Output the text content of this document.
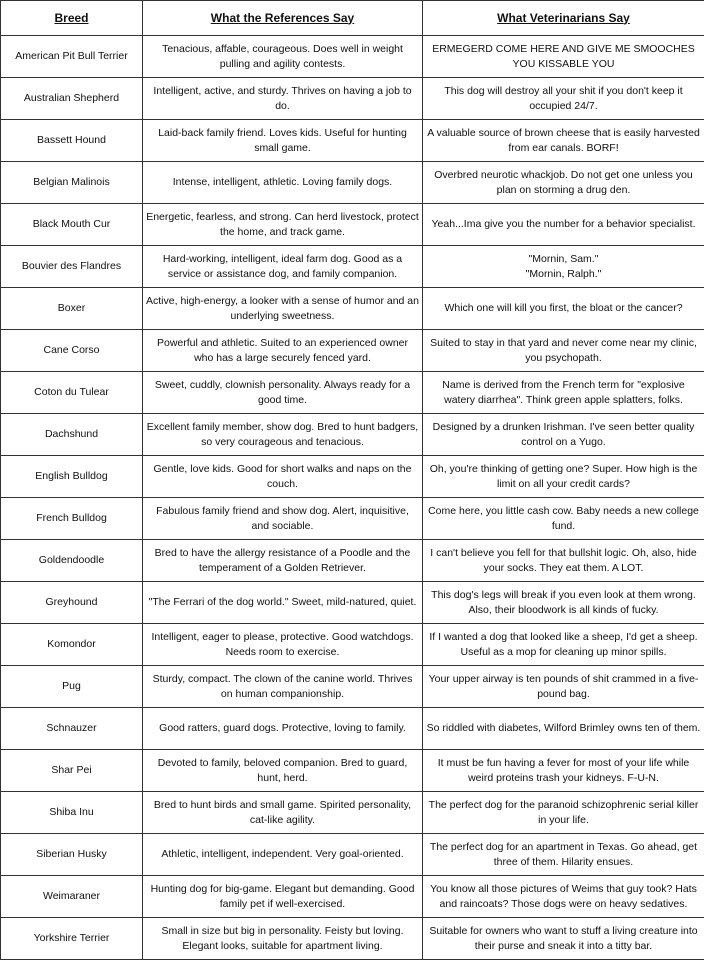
Breed	What the References Say	What Veterinarians Say
American Pit Bull Terrier	Tenacious, affable, courageous. Does well in weight pulling and agility contests.	ERMEGERD COME HERE AND GIVE ME SMOOCHES YOU KISSABLE YOU
Australian Shepherd	Intelligent, active, and sturdy. Thrives on having a job to do.	This dog will destroy all your shit if you don't keep it occupied 24/7.
Bassett Hound	Laid-back family friend. Loves kids. Useful for hunting small game.	A valuable source of brown cheese that is easily harvested from ear canals. BORF!
Belgian Malinois	Intense, intelligent, athletic. Loving family dogs.	Overbred neurotic whackjob. Do not get one unless you plan on storming a drug den.
Black Mouth Cur	Energetic, fearless, and strong. Can herd livestock, protect the home, and track game.	Yeah...Ima give you the number for a behavior specialist.
Bouvier des Flandres	Hard-working, intelligent, ideal farm dog. Good as a service or assistance dog, and family companion.	"Mornin, Sam."
"Mornin, Ralph."
Boxer	Active, high-energy, a looker with a sense of humor and an underlying sweetness.	Which one will kill you first, the bloat or the cancer?
Cane Corso	Powerful and athletic. Suited to an experienced owner who has a large securely fenced yard.	Suited to stay in that yard and never come near my clinic, you psychopath.
Coton du Tulear	Sweet, cuddly, clownish personality. Always ready for a good time.	Name is derived from the French term for "explosive watery diarrhea". Think green apple splatters, folks.
Dachshund	Excellent family member, show dog. Bred to hunt badgers, so very courageous and tenacious.	Designed by a drunken Irishman. I've seen better quality control on a Yugo.
English Bulldog	Gentle, love kids. Good for short walks and naps on the couch.	Oh, you're thinking of getting one? Super. How high is the limit on all your credit cards?
French Bulldog	Fabulous family friend and show dog. Alert, inquisitive, and sociable.	Come here, you little cash cow. Baby needs a new college fund.
Goldendoodle	Bred to have the allergy resistance of a Poodle and the temperament of a Golden Retriever.	I can't believe you fell for that bullshit logic. Oh, also, hide your socks. They eat them. A LOT.
Greyhound	"The Ferrari of the dog world." Sweet, mild-natured, quiet.	This dog's legs will break if you even look at them wrong. Also, their bloodwork is all kinds of fucky.
Komondor	Intelligent, eager to please, protective. Good watchdogs. Needs room to exercise.	If I wanted a dog that looked like a sheep, I'd get a sheep. Useful as a mop for cleaning up minor spills.
Pug	Sturdy, compact. The clown of the canine world. Thrives on human companionship.	Your upper airway is ten pounds of shit crammed in a five-pound bag.
Schnauzer	Good ratters, guard dogs. Protective, loving to family.	So riddled with diabetes, Wilford Brimley owns ten of them.
Shar Pei	Devoted to family, beloved companion. Bred to guard, hunt, herd.	It must be fun having a fever for most of your life while weird proteins trash your kidneys. F-U-N.
Shiba Inu	Bred to hunt birds and small game. Spirited personality, cat-like agility.	The perfect dog for the paranoid schizophrenic serial killer in your life.
Siberian Husky	Athletic, intelligent, independent. Very goal-oriented.	The perfect dog for an apartment in Texas. Go ahead, get three of them. Hilarity ensues.
Weimaraner	Hunting dog for big-game. Elegant but demanding. Good family pet if well-exercised.	You know all those pictures of Weims that guy took? Hats and raincoats? Those dogs were on heavy sedatives.
Yorkshire Terrier	Small in size but big in personality. Feisty but loving. Elegant looks, suitable for apartment living.	Suitable for owners who want to stuff a living creature into their purse and sneak it into a titty bar.
